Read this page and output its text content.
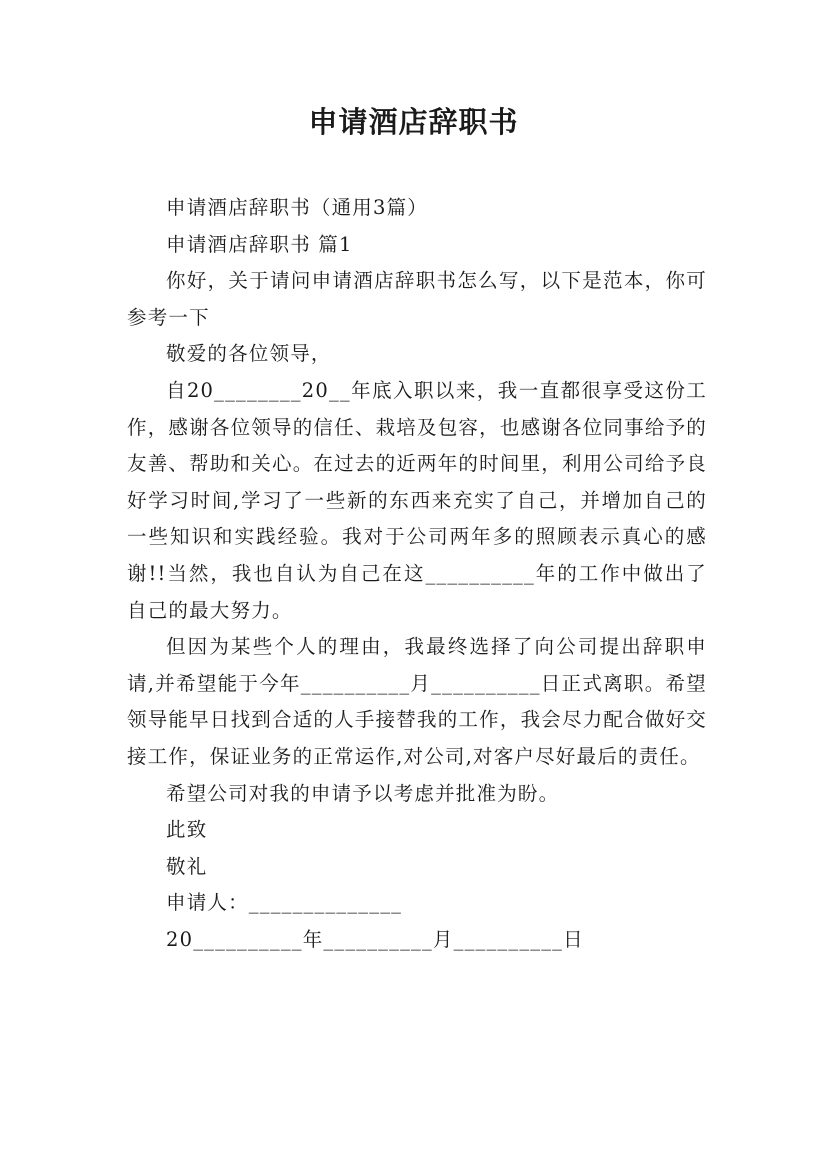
申请酒店辞职书

申请酒店辞职书（通用3篇）

申请酒店辞职书 篇1

你好，关于请问申请酒店辞职书怎么写，以下是范本，你可参考一下

敬爱的各位领导，

自20________20__年底入职以来，我一直都很享受这份工作，感谢各位领导的信任、栽培及包容，也感谢各位同事给予的友善、帮助和关心。在过去的近两年的时间里，利用公司给予良好学习时间,学习了一些新的东西来充实了自己，并增加自己的一些知识和实践经验。我对于公司两年多的照顾表示真心的感谢!!当然，我也自认为自己在这__________年的工作中做出了自己的最大努力。

但因为某些个人的理由，我最终选择了向公司提出辞职申请,并希望能于今年__________月__________日正式离职。希望领导能早日找到合适的人手接替我的工作，我会尽力配合做好交接工作，保证业务的正常运作,对公司,对客户尽好最后的责任。

希望公司对我的申请予以考虑并批准为盼。

此致

敬礼

申请人：______________

20__________年__________月__________日
